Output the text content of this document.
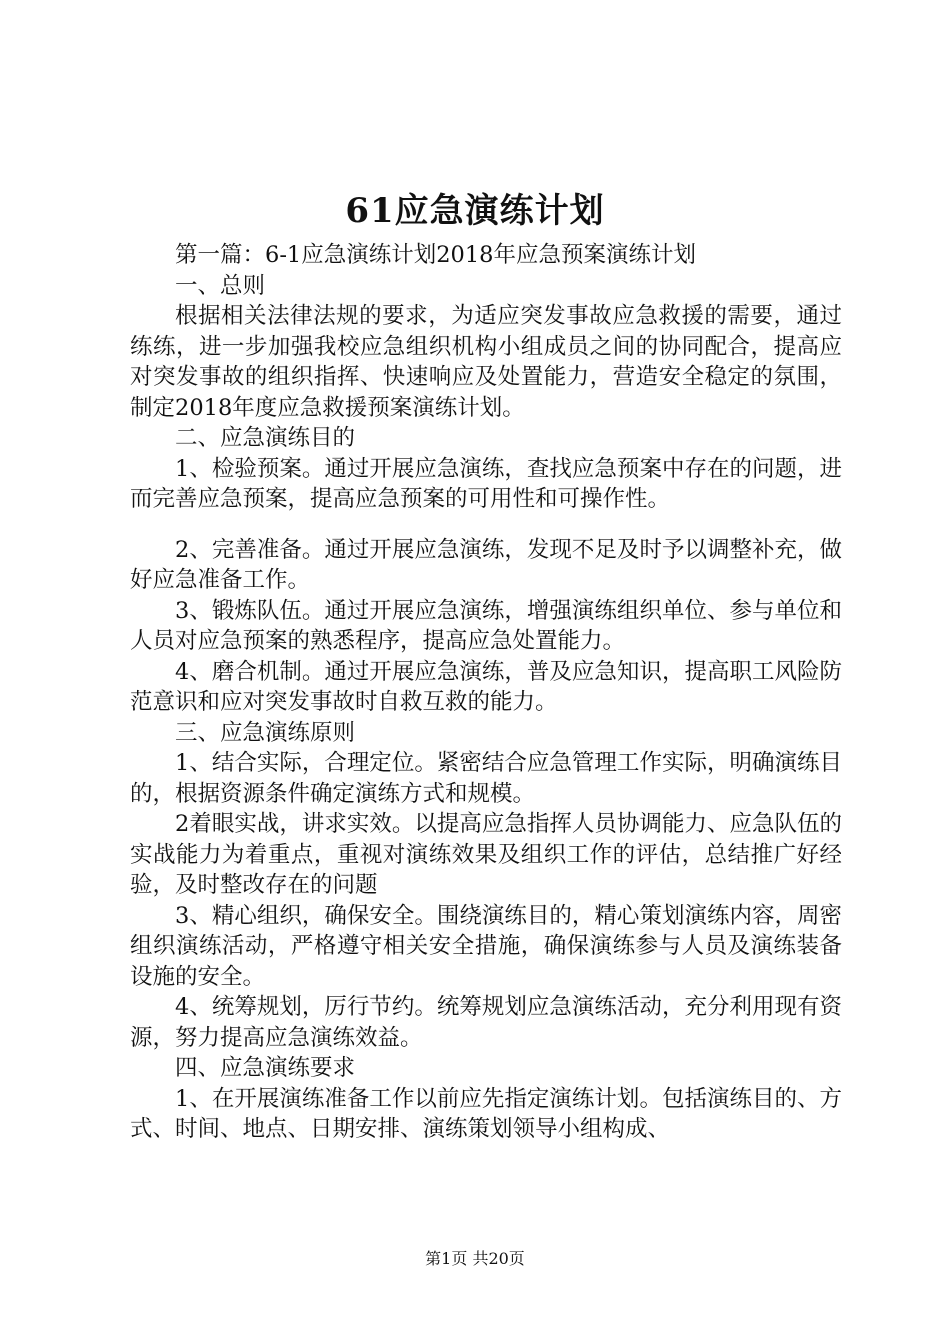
61应急演练计划

第一篇：6-1应急演练计划2018年应急预案演练计划

一、总则

根据相关法律法规的要求，为适应突发事故应急救援的需要，通过练练，进一步加强我校应急组织机构小组成员之间的协同配合，提高应对突发事故的组织指挥、快速响应及处置能力，营造安全稳定的氛围，制定2018年度应急救援预案演练计划。

二、应急演练目的

1、检验预案。通过开展应急演练，查找应急预案中存在的问题，进而完善应急预案，提高应急预案的可用性和可操作性。

2、完善准备。通过开展应急演练，发现不足及时予以调整补充，做好应急准备工作。

3、锻炼队伍。通过开展应急演练，增强演练组织单位、参与单位和人员对应急预案的熟悉程序，提高应急处置能力。

4、磨合机制。通过开展应急演练，普及应急知识，提高职工风险防范意识和应对突发事故时自救互救的能力。

三、应急演练原则

1、结合实际，合理定位。紧密结合应急管理工作实际，明确演练目的，根据资源条件确定演练方式和规模。

2着眼实战，讲求实效。以提高应急指挥人员协调能力、应急队伍的实战能力为着重点，重视对演练效果及组织工作的评估，总结推广好经验，及时整改存在的问题

3、精心组织，确保安全。围绕演练目的，精心策划演练内容，周密组织演练活动，严格遵守相关安全措施，确保演练参与人员及演练装备设施的安全。

4、统筹规划，厉行节约。统筹规划应急演练活动，充分利用现有资源，努力提高应急演练效益。

四、应急演练要求

1、在开展演练准备工作以前应先指定演练计划。包括演练目的、方式、时间、地点、日期安排、演练策划领导小组构成、

第1页 共20页
